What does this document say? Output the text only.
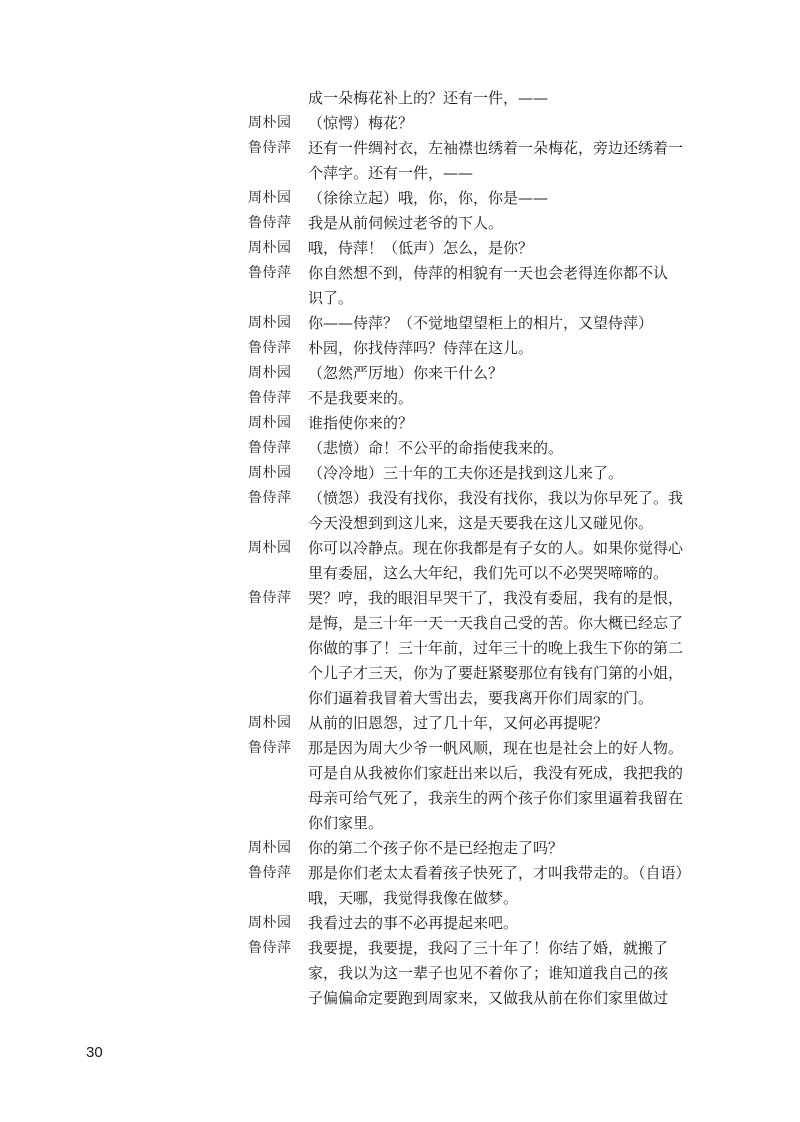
成一朵梅花补上的？还有一件，——
周朴园	（惊愕）梅花？
鲁侍萍	还有一件绸衬衣，左袖襟也绣着一朵梅花，旁边还绣着一
个萍字。还有一件，——
周朴园	（徐徐立起）哦，你，你，你是——
鲁侍萍	我是从前伺候过老爷的下人。
周朴园	哦，侍萍！（低声）怎么，是你？
鲁侍萍	你自然想不到，侍萍的相貌有一天也会老得连你都不认
识了。
周朴园	你——侍萍？（不觉地望望柜上的相片，又望侍萍）
鲁侍萍	朴园，你找侍萍吗？侍萍在这儿。
周朴园	（忽然严厉地）你来干什么？
鲁侍萍	不是我要来的。
周朴园	谁指使你来的？
鲁侍萍	（悲愤）命！不公平的命指使我来的。
周朴园	（冷冷地）三十年的工夫你还是找到这儿来了。
鲁侍萍	（愤怨）我没有找你，我没有找你，我以为你早死了。我
今天没想到到这儿来，这是天要我在这儿又碰见你。
周朴园	你可以冷静点。现在你我都是有子女的人。如果你觉得心
里有委屈，这么大年纪，我们先可以不必哭哭啼啼的。
鲁侍萍	哭？哼，我的眼泪早哭干了，我没有委屈，我有的是恨，
是悔，是三十年一天一天我自己受的苦。你大概已经忘了
你做的事了！三十年前，过年三十的晚上我生下你的第二
个儿子才三天，你为了要赶紧娶那位有钱有门第的小姐，
你们逼着我冒着大雪出去，要我离开你们周家的门。
周朴园	从前的旧恩怨，过了几十年，又何必再提呢？
鲁侍萍	那是因为周大少爷一帆风顺，现在也是社会上的好人物。
可是自从我被你们家赶出来以后，我没有死成，我把我的
母亲可给气死了，我亲生的两个孩子你们家里逼着我留在
你们家里。
周朴园	你的第二个孩子你不是已经抱走了吗？
鲁侍萍	那是你们老太太看着孩子快死了，才叫我带走的。（自语）
哦，天哪，我觉得我像在做梦。
周朴园	我看过去的事不必再提起来吧。
鲁侍萍	我要提，我要提，我闷了三十年了！你结了婚，就搬了
家，我以为这一辈子也见不着你了；谁知道我自己的孩
子偏偏命定要跑到周家来，又做我从前在你们家里做过
30
